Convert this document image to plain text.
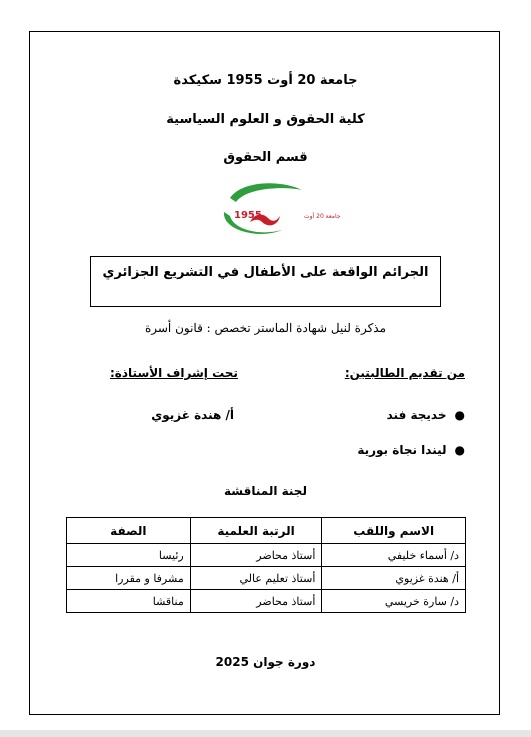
جامعة 20 أوت 1955 سكيكدة
كلية الحقوق و العلوم السياسية
قسم الحقوق
1955	جامعة 20 أوت
الجرائم الواقعة على الأطفال في التشريع الجزائري
مذكرة لنيل شهادة الماستر تخصص : قانون أسرة
من تقديم الطالبتين:
تحت إشراف الأستاذة:
●
خديجة فند
●
ليندا نجاة بورية
أ/ هندة غزيوي
لجنة المناقشة
الاسم واللقب	الرتبة العلمية	الصفة
د/ أسماء خليفي	أستاذ محاضر	رئيسا
أ/ هندة غزيوي	أستاذ تعليم عالي	مشرفا و مقررا
د/ سارة خريسي	أستاذ محاضر	مناقشا
دورة جوان 2025
